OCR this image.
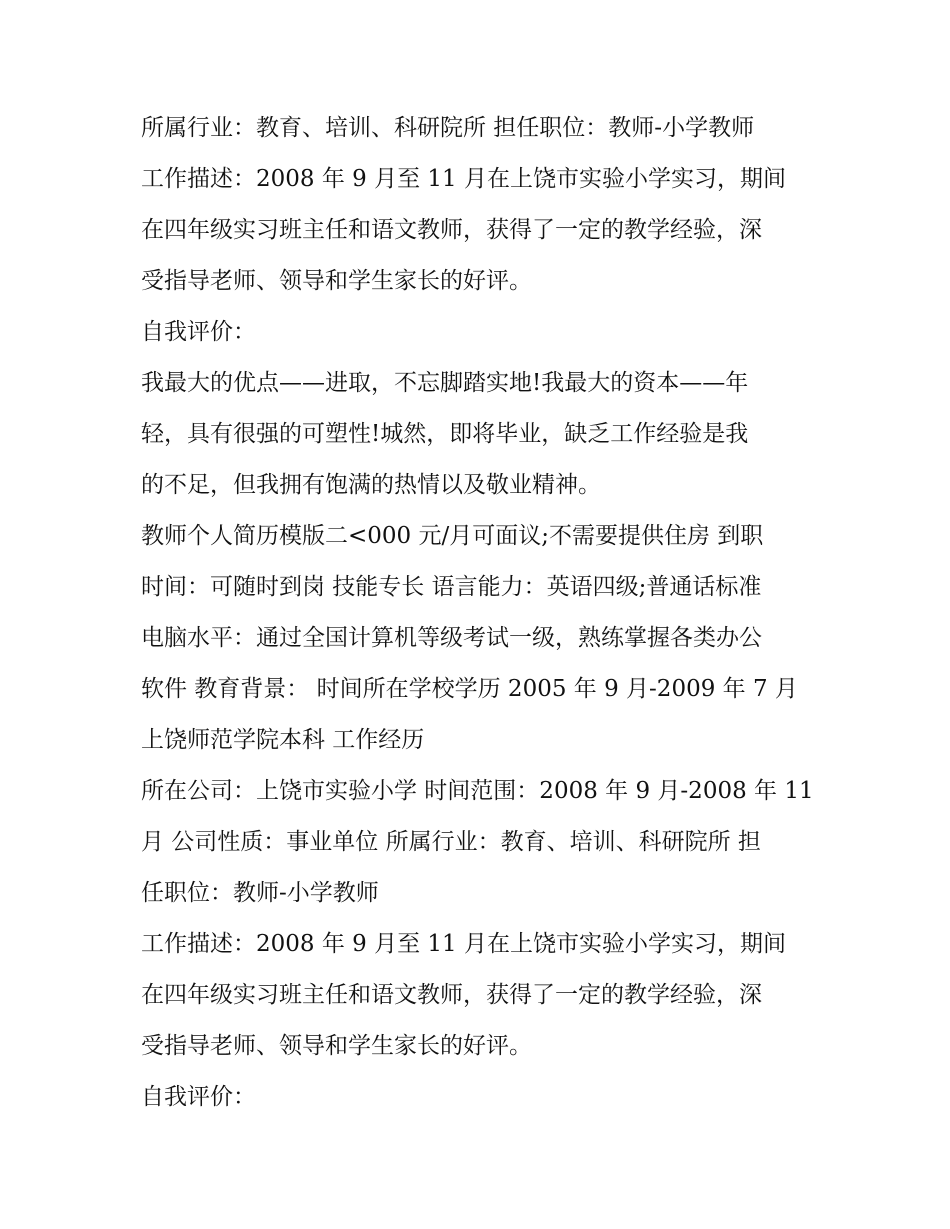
所属行业：教育、培训、科研院所 担任职位：教师-小学教师
工作描述：2008 年 9 月至 11 月在上饶市实验小学实习，期间
在四年级实习班主任和语文教师，获得了一定的教学经验，深
受指导老师、领导和学生家长的好评。
自我评价：
我最大的优点——进取，不忘脚踏实地!我最大的资本——年
轻，具有很强的可塑性!城然，即将毕业，缺乏工作经验是我
的不足，但我拥有饱满的热情以及敬业精神。
教师个人简历模版二<000 元/月可面议;不需要提供住房 到职
时间：可随时到岗 技能专长 语言能力：英语四级;普通话标准
电脑水平：通过全国计算机等级考试一级，熟练掌握各类办公
软件 教育背景： 时间所在学校学历 2005 年 9 月-2009 年 7 月
上饶师范学院本科 工作经历
所在公司：上饶市实验小学 时间范围：2008 年 9 月-2008 年 11
月 公司性质：事业单位 所属行业：教育、培训、科研院所 担
任职位：教师-小学教师
工作描述：2008 年 9 月至 11 月在上饶市实验小学实习，期间
在四年级实习班主任和语文教师，获得了一定的教学经验，深
受指导老师、领导和学生家长的好评。
自我评价：
